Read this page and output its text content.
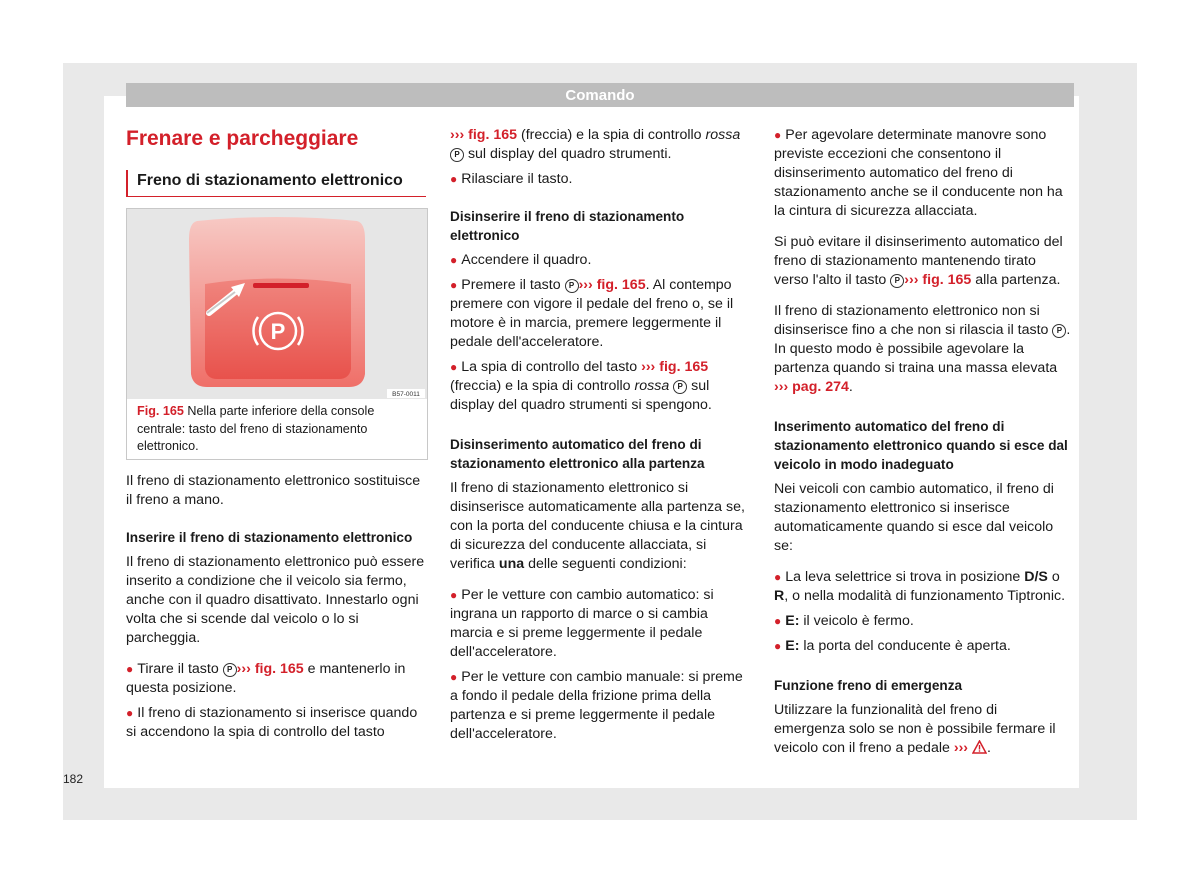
Comando
182
Frenare e parcheggiare
Freno di stazionamento elettronico
P
B57-0011
Fig. 165 Nella parte inferiore della console centrale: tasto del freno di stazionamento elettronico.

Il freno di stazionamento elettronico sostituisce il freno a mano.

Inserire il freno di stazionamento elettronico

Il freno di stazionamento elettronico può essere inserito a condizione che il veicolo sia fermo, anche con il quadro disattivato. Innestarlo ogni volta che si scende dal veicolo o lo si parcheggia.

● Tirare il tasto P ››› fig. 165 e mantenerlo in questa posizione.
● Il freno di stazionamento si inserisce quando si accendono la spia di controllo del tasto

››› fig. 165 (freccia) e la spia di controllo rossa P sul display del quadro strumenti.

● Rilasciare il tasto.
Disinserire il freno di stazionamento elettronico
● Accendere il quadro.
● Premere il tasto P ››› fig. 165. Al contempo premere con vigore il pedale del freno o, se il motore è in marcia, premere leggermente il pedale dell'acceleratore.
● La spia di controllo del tasto ››› fig. 165 (freccia) e la spia di controllo rossa P sul display del quadro strumenti si spengono.
Disinserimento automatico del freno di stazionamento elettronico alla partenza

Il freno di stazionamento elettronico si disinserisce automaticamente alla partenza se, con la porta del conducente chiusa e la cintura di sicurezza del conducente allacciata, si verifica una delle seguenti condizioni:

● Per le vetture con cambio automatico: si ingrana un rapporto di marce o si cambia marcia e si preme leggermente il pedale dell'acceleratore.
● Per le vetture con cambio manuale: si preme a fondo il pedale della frizione prima della partenza e si preme leggermente il pedale dell'acceleratore.
● Per agevolare determinate manovre sono previste eccezioni che consentono il disinserimento automatico del freno di stazionamento anche se il conducente non ha la cintura di sicurezza allacciata.

Si può evitare il disinserimento automatico del freno di stazionamento mantenendo tirato verso l'alto il tasto P ››› fig. 165 alla partenza.

Il freno di stazionamento elettronico non si disinserisce fino a che non si rilascia il tasto P . In questo modo è possibile agevolare la partenza quando si traina una massa elevata ››› pag. 274.

Inserimento automatico del freno di stazionamento elettronico quando si esce dal veicolo in modo inadeguato

Nei veicoli con cambio automatico, il freno di stazionamento elettronico si inserisce automaticamente quando si esce dal veicolo se:

● La leva selettrice si trova in posizione D/S o R, o nella modalità di funzionamento Tiptronic.
● E: il veicolo è fermo.
● E: la porta del conducente è aperta.
Funzione freno di emergenza

Utilizzare la funzionalità del freno di emergenza solo se non è possibile fermare il veicolo con il freno a pedale ››› .
